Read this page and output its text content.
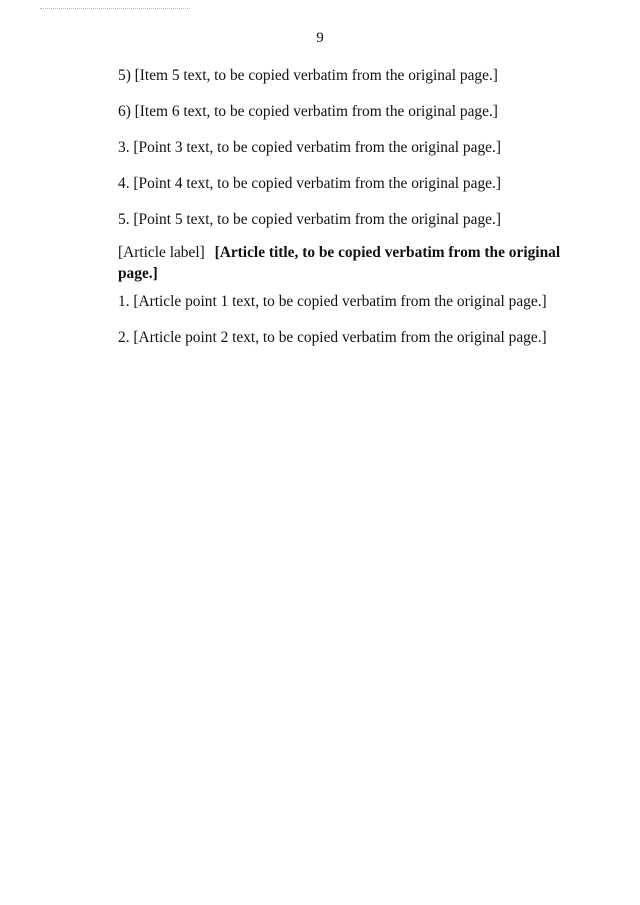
9

5) [Item 5 text, to be copied verbatim from the original page.]

6) [Item 6 text, to be copied verbatim from the original page.]

3. [Point 3 text, to be copied verbatim from the original page.]

4. [Point 4 text, to be copied verbatim from the original page.]

5. [Point 5 text, to be copied verbatim from the original page.]

[Article label] [Article title, to be copied verbatim from the original page.]

1. [Article point 1 text, to be copied verbatim from the original page.]

2. [Article point 2 text, to be copied verbatim from the original page.]
